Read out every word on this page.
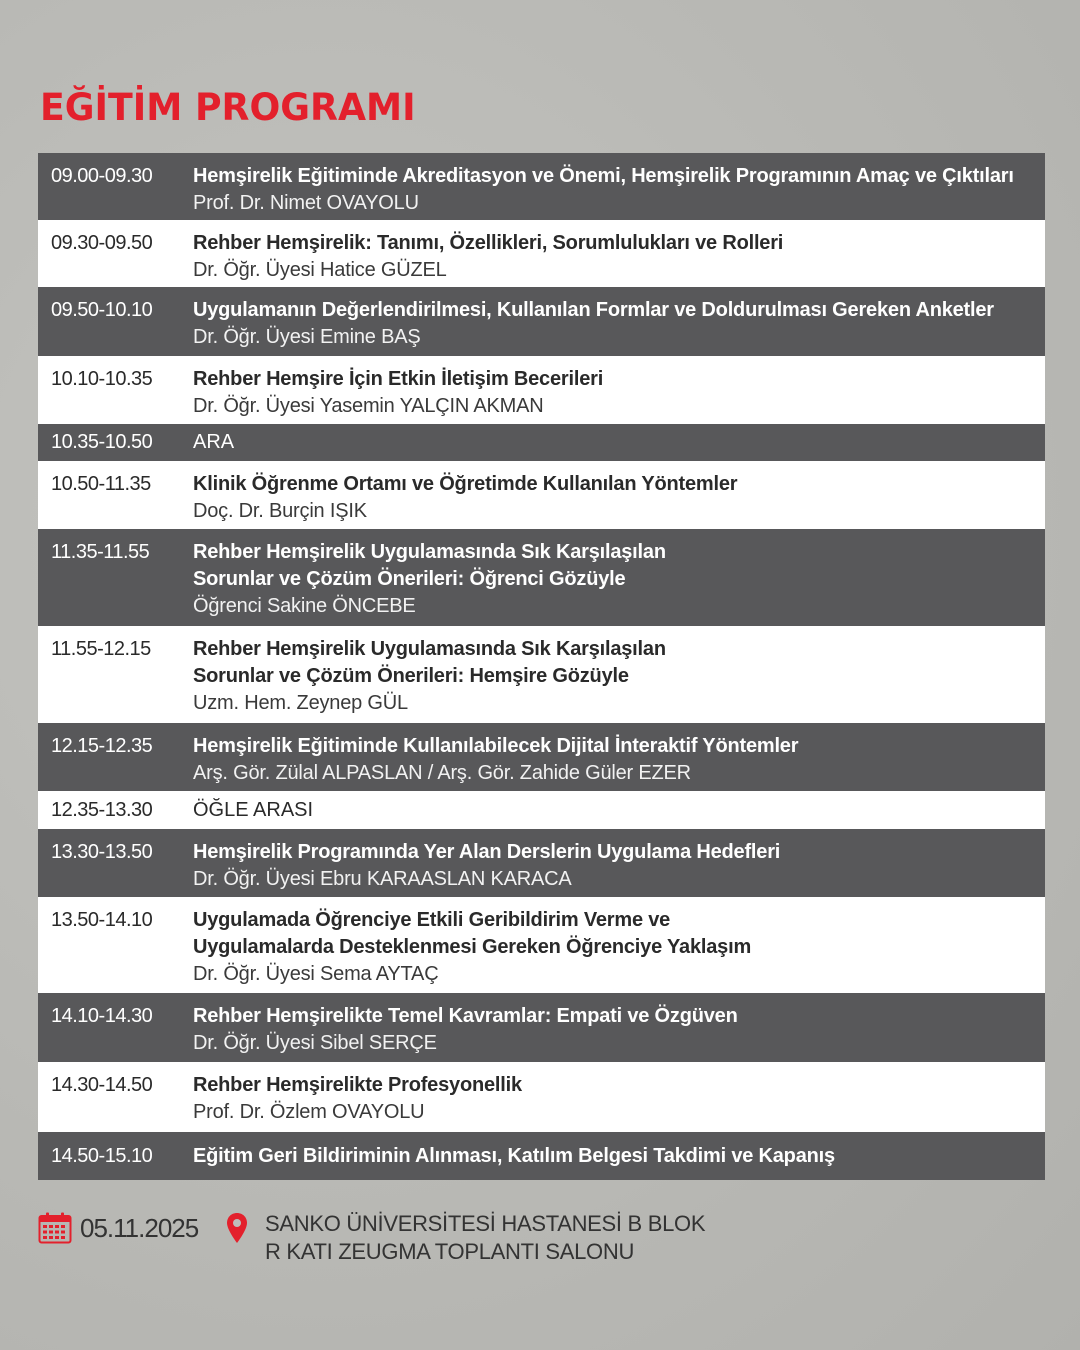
EĞİTİM PROGRAMI
09.00-09.30	Hemşirelik Eğitiminde Akreditasyon ve Önemi, Hemşirelik Programının Amaç ve Çıktıları
Prof. Dr. Nimet OVAYOLU
09.30-09.50	Rehber Hemşirelik: Tanımı, Özellikleri, Sorumlulukları ve Rolleri
Dr. Öğr. Üyesi Hatice GÜZEL
09.50-10.10	Uygulamanın Değerlendirilmesi, Kullanılan Formlar ve Doldurulması Gereken Anketler
Dr. Öğr. Üyesi Emine BAŞ
10.10-10.35	Rehber Hemşire İçin Etkin İletişim Becerileri
Dr. Öğr. Üyesi Yasemin YALÇIN AKMAN
10.35-10.50	ARA
10.50-11.35	Klinik Öğrenme Ortamı ve Öğretimde Kullanılan Yöntemler
Doç. Dr. Burçin IŞIK
11.35-11.55	Rehber Hemşirelik Uygulamasında Sık Karşılaşılan
Sorunlar ve Çözüm Önerileri: Öğrenci Gözüyle
Öğrenci Sakine ÖNCEBE
11.55-12.15	Rehber Hemşirelik Uygulamasında Sık Karşılaşılan
Sorunlar ve Çözüm Önerileri: Hemşire Gözüyle
Uzm. Hem. Zeynep GÜL
12.15-12.35	Hemşirelik Eğitiminde Kullanılabilecek Dijital İnteraktif Yöntemler
Arş. Gör. Zülal ALPASLAN / Arş. Gör. Zahide Güler EZER
12.35-13.30	ÖĞLE ARASI
13.30-13.50	Hemşirelik Programında Yer Alan Derslerin Uygulama Hedefleri
Dr. Öğr. Üyesi Ebru KARAASLAN KARACA
13.50-14.10	Uygulamada Öğrenciye Etkili Geribildirim Verme ve
Uygulamalarda Desteklenmesi Gereken Öğrenciye Yaklaşım
Dr. Öğr. Üyesi Sema AYTAÇ
14.10-14.30	Rehber Hemşirelikte Temel Kavramlar: Empati ve Özgüven
Dr. Öğr. Üyesi Sibel SERÇE
14.30-14.50	Rehber Hemşirelikte Profesyonellik
Prof. Dr. Özlem OVAYOLU
14.50-15.10	Eğitim Geri Bildiriminin Alınması, Katılım Belgesi Takdimi ve Kapanış
05.11.2025	SANKO ÜNİVERSİTESİ HASTANESİ B BLOK
R KATI ZEUGMA TOPLANTI SALONU
